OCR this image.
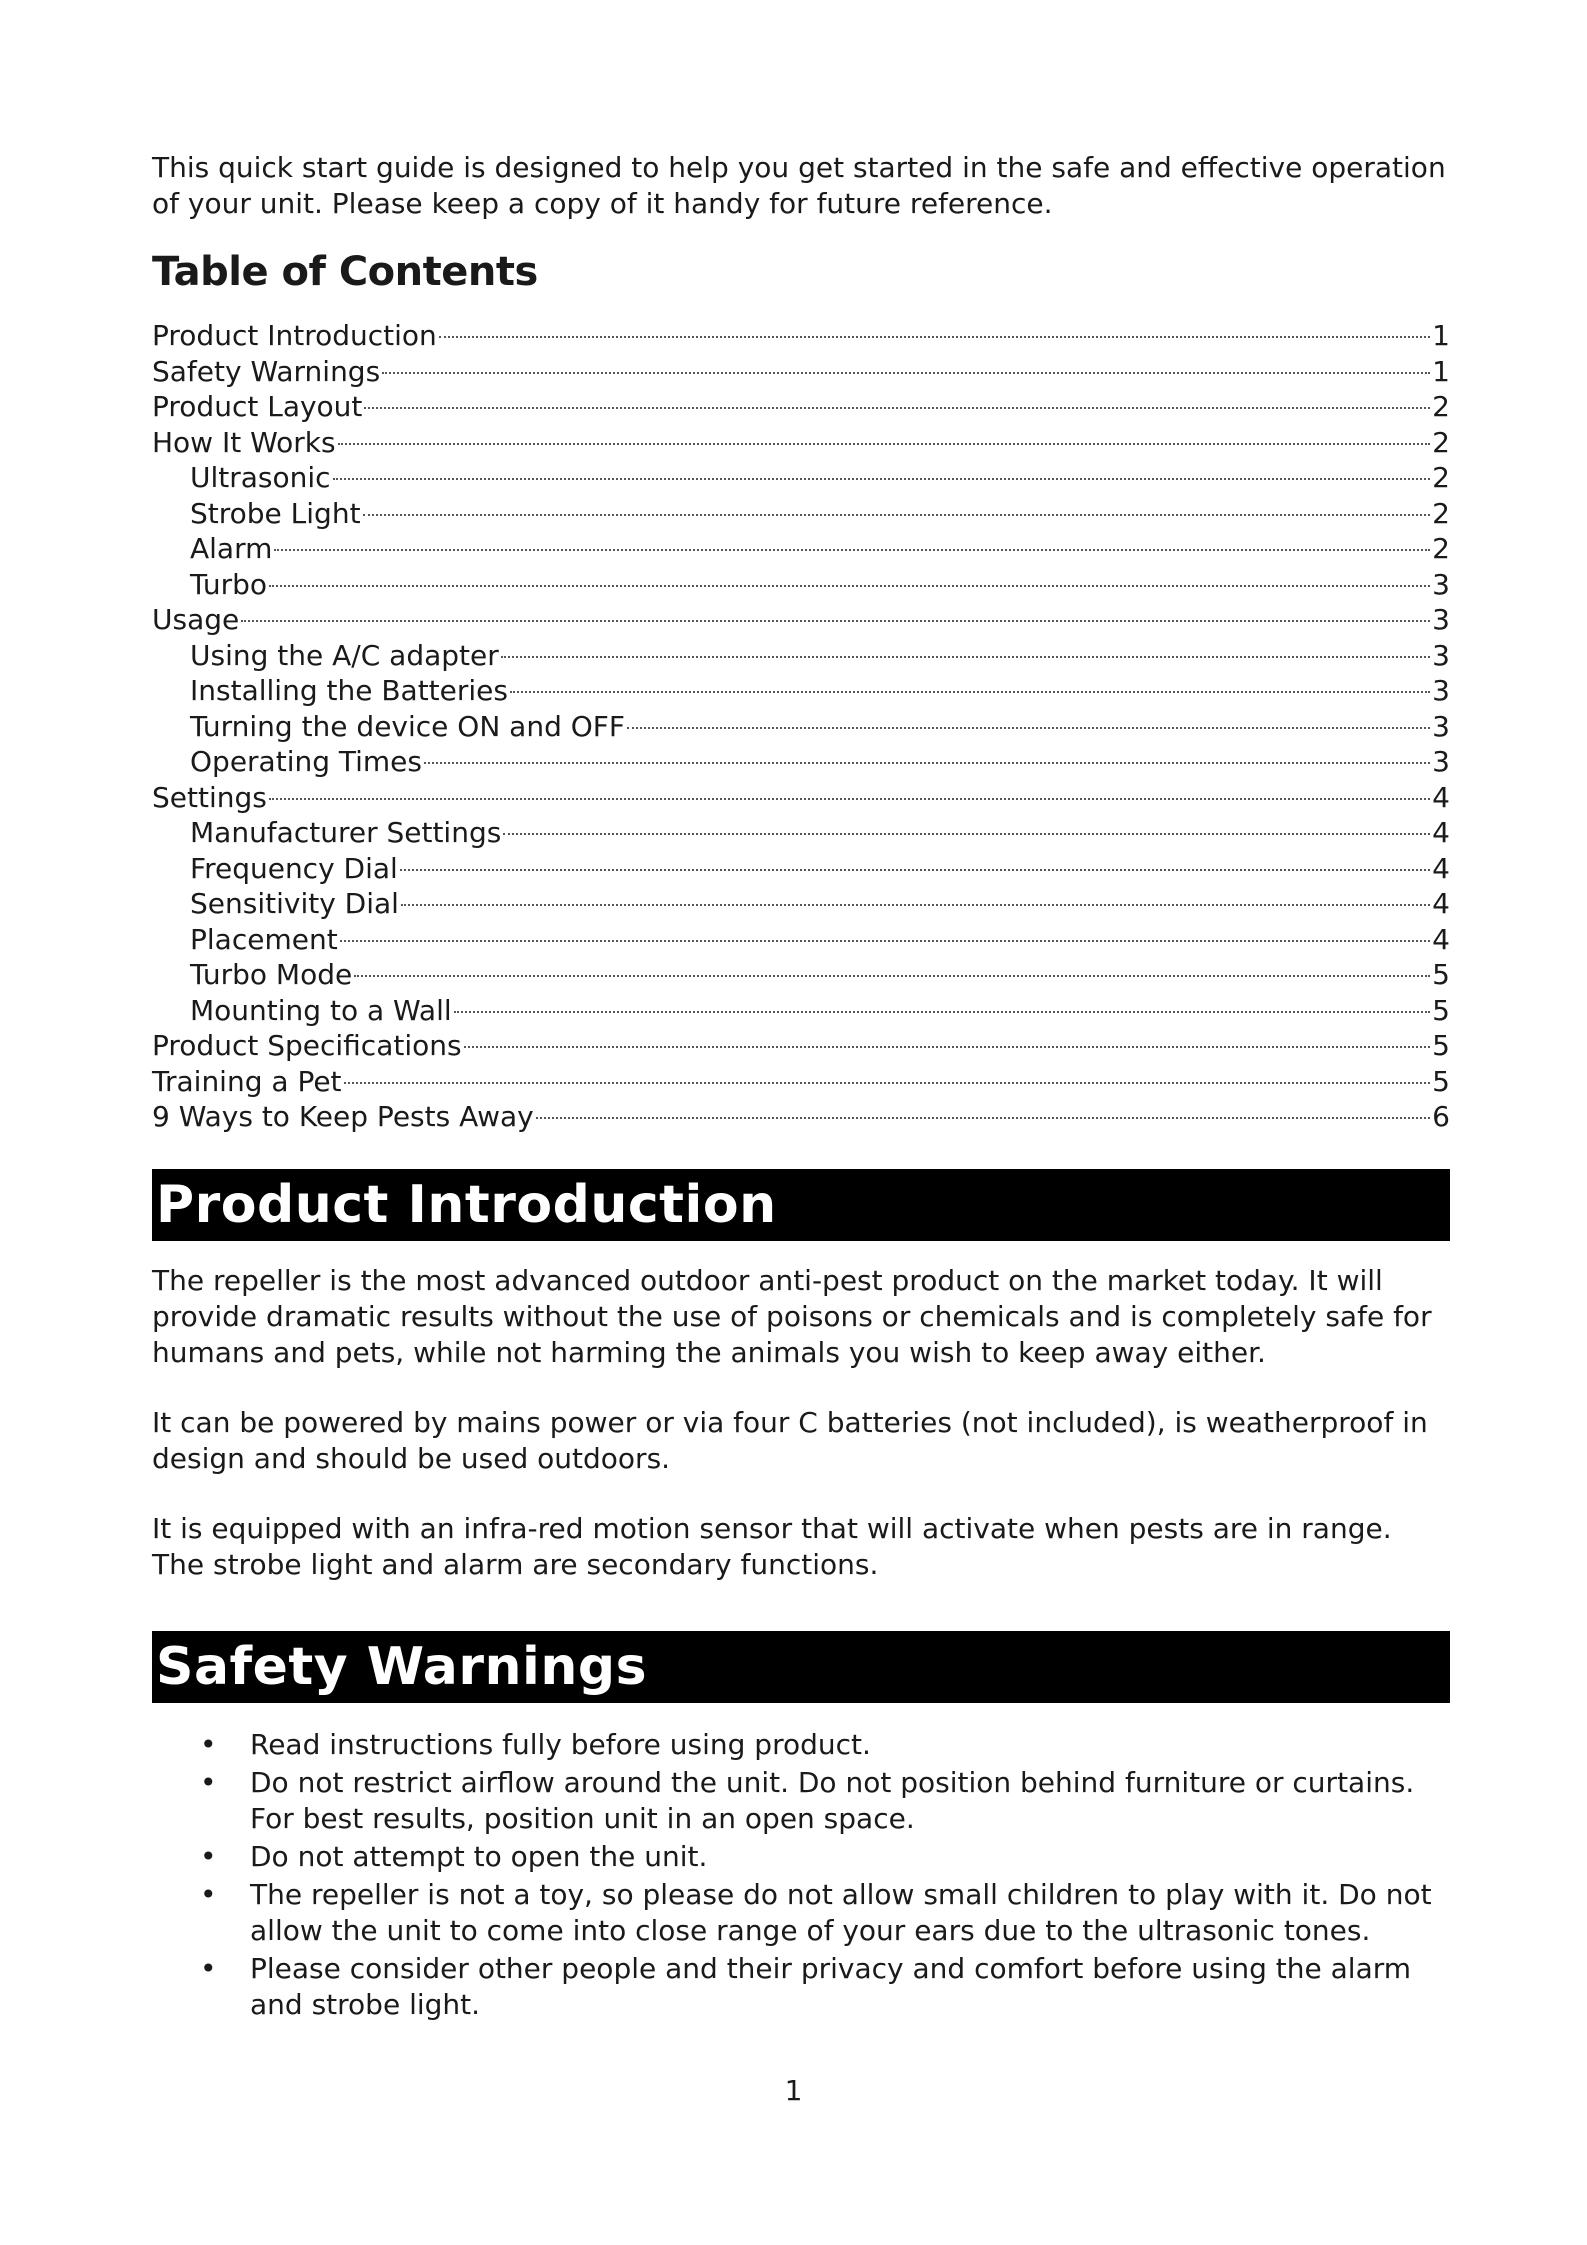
This quick start guide is designed to help you get started in the safe and effective operation of your unit. Please keep a copy of it handy for future reference.

Table of Contents
Product Introduction	1
Safety Warnings	1
Product Layout	2
How It Works	2
Ultrasonic	2
Strobe Light	2
Alarm	2
Turbo	3
Usage	3
Using the A/C adapter	3
Installing the Batteries	3
Turning the device ON and OFF	3
Operating Times	3
Settings	4
Manufacturer Settings	4
Frequency Dial	4
Sensitivity Dial	4
Placement	4
Turbo Mode	5
Mounting to a Wall	5
Product Specifications	5
Training a Pet	5
9 Ways to Keep Pests Away	6
Product Introduction

The repeller is the most advanced outdoor anti-pest product on the market today. It will provide dramatic results without the use of poisons or chemicals and is completely safe for humans and pets, while not harming the animals you wish to keep away either.

It can be powered by mains power or via four C batteries (not included), is weatherproof in design and should be used outdoors.

It is equipped with an infra-red motion sensor that will activate when pests are in range. The strobe light and alarm are secondary functions.

Safety Warnings
• Read instructions fully before using product.
• Do not restrict airflow around the unit. Do not position behind furniture or curtains. For best results, position unit in an open space.
• Do not attempt to open the unit.
• The repeller is not a toy, so please do not allow small children to play with it. Do not allow the unit to come into close range of your ears due to the ultrasonic tones.
• Please consider other people and their privacy and comfort before using the alarm and strobe light.
1
